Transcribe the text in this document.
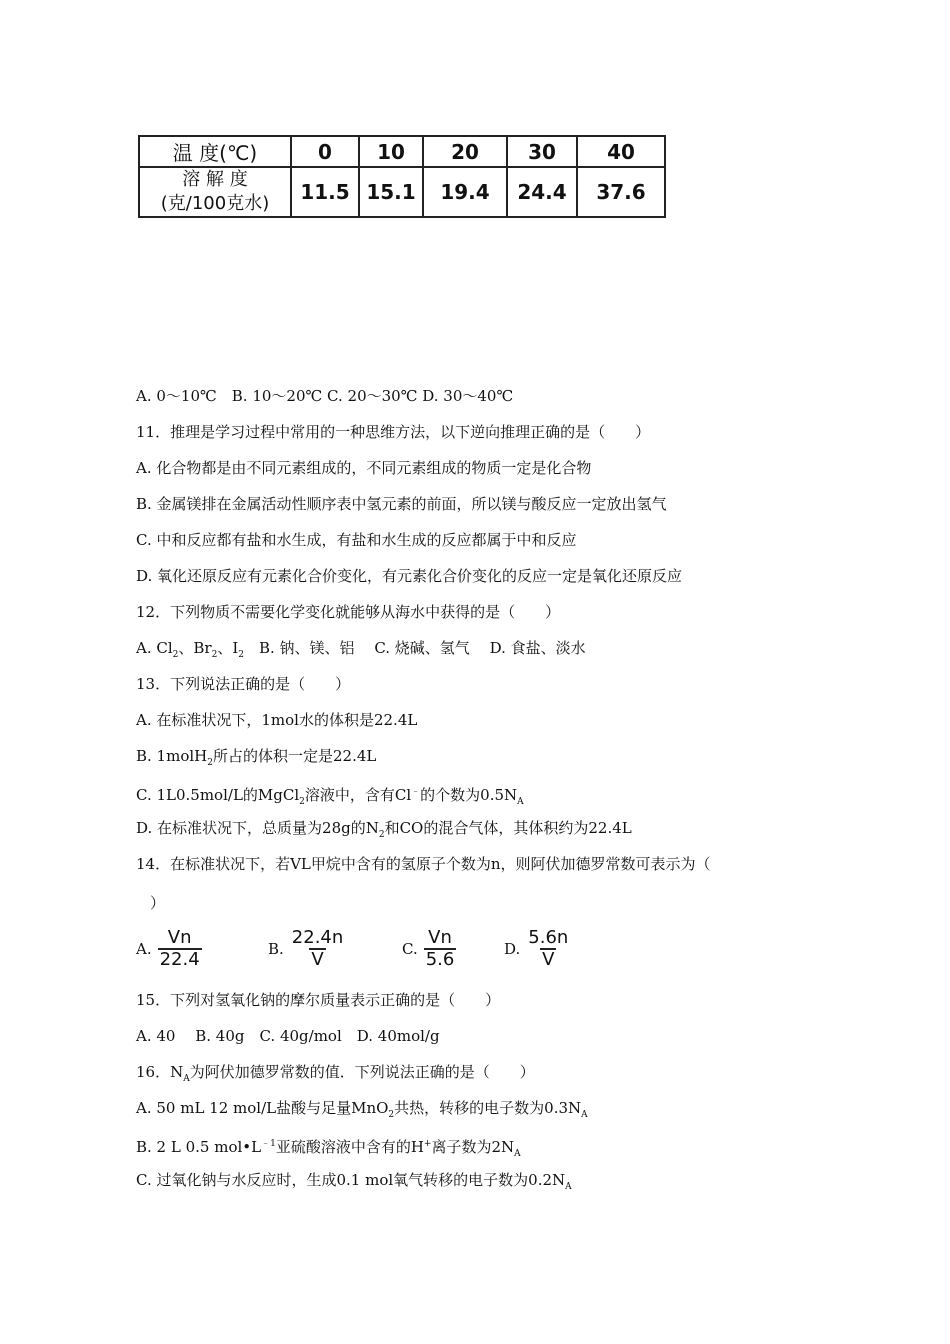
温 度(℃)	0	10	20	30	40

溶 解 度
(克/100克水)	11.5	15.1	19.4	24.4	37.6
A. 0～10℃　B. 10～20℃ C. 20～30℃ D. 30～40℃
11．推理是学习过程中常用的一种思维方法，以下逆向推理正确的是（　　）
A. 化合物都是由不同元素组成的，不同元素组成的物质一定是化合物
B. 金属镁排在金属活动性顺序表中氢元素的前面，所以镁与酸反应一定放出氢气
C. 中和反应都有盐和水生成，有盐和水生成的反应都属于中和反应
D. 氧化还原反应有元素化合价变化，有元素化合价变化的反应一定是氧化还原反应
12．下列物质不需要化学变化就能够从海水中获得的是（　　）
A. $Cl_2$、$Br_2$、$I_2$　B. 钠、镁、铝　 C. 烧碱、氢气　 D. 食盐、淡水
13．下列说法正确的是（　　）
A. 在标准状况下，1mol水的体积是22.4L
B. 1molH$_2$所占的体积一定是22.4L
C. 1L0.5mol/L的MgCl$_2$溶液中，含有Cl﹣的个数为$0.5N_A$
D. 在标准状况下，总质量为28g的$N_2$和CO的混合气体，其体积约为22.4L
14．在标准状况下，若VL甲烷中含有的氢原子个数为n，则阿伏加德罗常数可表示为（
）
A. $\frac{Vn}{22.4}$	B. $\frac{22.4n}{V}$	C. $\frac{Vn}{5.6}$	D. $\frac{5.6n}{V}$
15．下列对氢氧化钠的摩尔质量表示正确的是（　　）
A. 40　 B. 40g　C. 40g/mol　D. 40mol/g
16．$N_A$为阿伏加德罗常数的值．下列说法正确的是（　　）
A. 50 mL 12 mol/L盐酸与足量MnO$_2$共热，转移的电子数为$0.3N_A$
B. 2 L 0.5 $mol•L^{﹣1}$亚硫酸溶液中含有的H+离子数为$2N_A$
C. 过氧化钠与水反应时，生成0.1 mol氧气转移的电子数为$0.2N_A$
